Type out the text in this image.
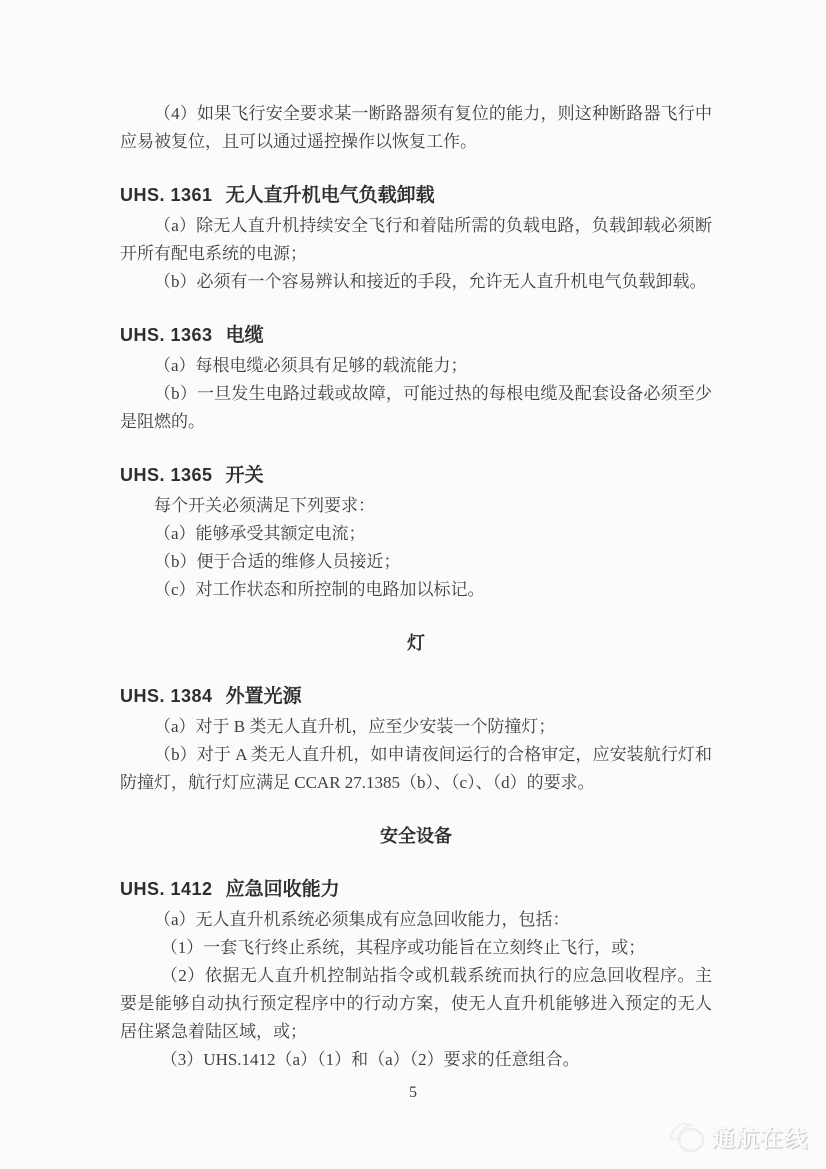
（4）如果飞行安全要求某一断路器须有复位的能力，则这种断路器飞行中应易被复位，且可以通过遥控操作以恢复工作。
UHS. 1361 无人直升机电气负载卸载
（a）除无人直升机持续安全飞行和着陆所需的负载电路，负载卸载必须断开所有配电系统的电源；
（b）必须有一个容易辨认和接近的手段，允许无人直升机电气负载卸载。
UHS. 1363 电缆
（a）每根电缆必须具有足够的载流能力；
（b）一旦发生电路过载或故障，可能过热的每根电缆及配套设备必须至少是阻燃的。
UHS. 1365 开关
每个开关必须满足下列要求：
（a）能够承受其额定电流；
（b）便于合适的维修人员接近；
（c）对工作状态和所控制的电路加以标记。
灯
UHS. 1384 外置光源
（a）对于 B 类无人直升机，应至少安装一个防撞灯；
（b）对于 A 类无人直升机，如申请夜间运行的合格审定，应安装航行灯和防撞灯，航行灯应满足 CCAR 27.1385（b）、（c）、（d）的要求。
安全设备
UHS. 1412 应急回收能力
（a）无人直升机系统必须集成有应急回收能力，包括：
（1）一套飞行终止系统，其程序或功能旨在立刻终止飞行，或；
（2）依据无人直升机控制站指令或机载系统而执行的应急回收程序。主要是能够自动执行预定程序中的行动方案，使无人直升机能够进入预定的无人居住紧急着陆区域，或；
（3）UHS.1412（a）（1）和（a）（2）要求的任意组合。
5
通航在线
